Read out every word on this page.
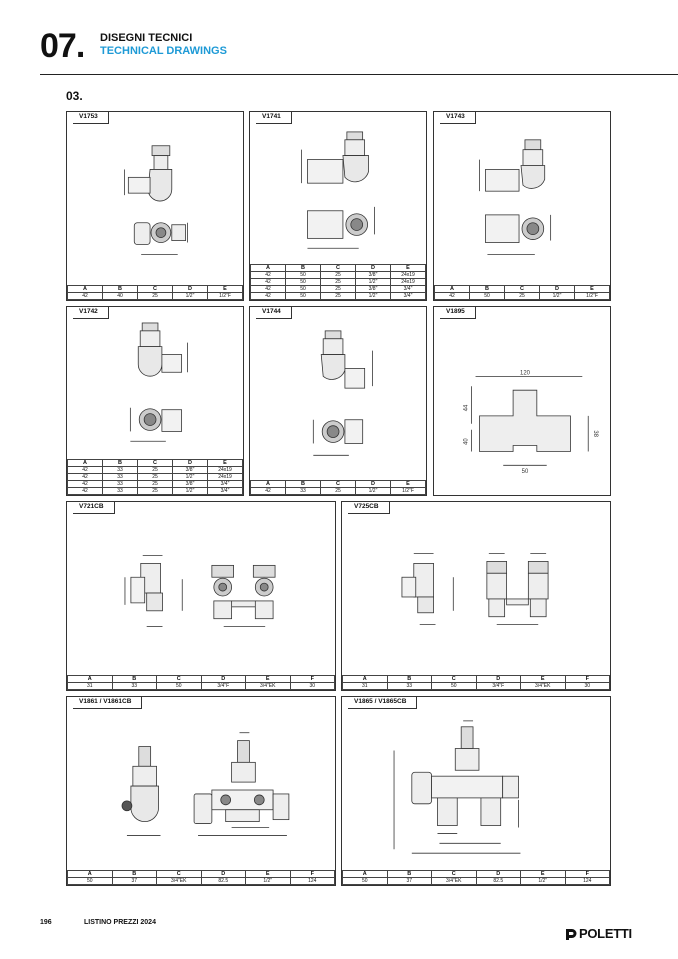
07. DISEGNI TECNICI
TECHNICAL DRAWINGS
03.
V1753
A	B	C	D	E
42	40	25	1/2"	1/2"F
V1741
A	B	C	D	E
42	50	25	3/8"	24x19
42	50	25	1/2"	24x19
42	50	25	3/8"	3/4"
42	50	25	1/2"	3/4"
V1743
A	B	C	D	E
42	50	25	1/2"	1/2"F
V1742
A	B	C	D	E
42	33	25	3/8"	24x19
42	33	25	1/2"	24x19
42	33	25	3/8"	3/4"
42	33	25	1/2"	3/4"
V1744
A	B	C	D	E
42	33	25	1/2"	1/2"F
V1895
120
44
40
38
50
V721CB
A	B	C	D	E	F
31	33	50	3/4"F	3/4"EK	30
V725CB
A	B	C	D	E	F
31	33	50	3/4"F	3/4"EK	30
V1861 / V1861CB
A	B	C	D	E	F
50	37	3/4"EK	82.5	1/2"	124
V1865 / V1865CB
A	B	C	D	E	F
50	37	3/4"EK	82.5	1/2"	124
196	LISTINO PREZZI 2024
POLETTI
